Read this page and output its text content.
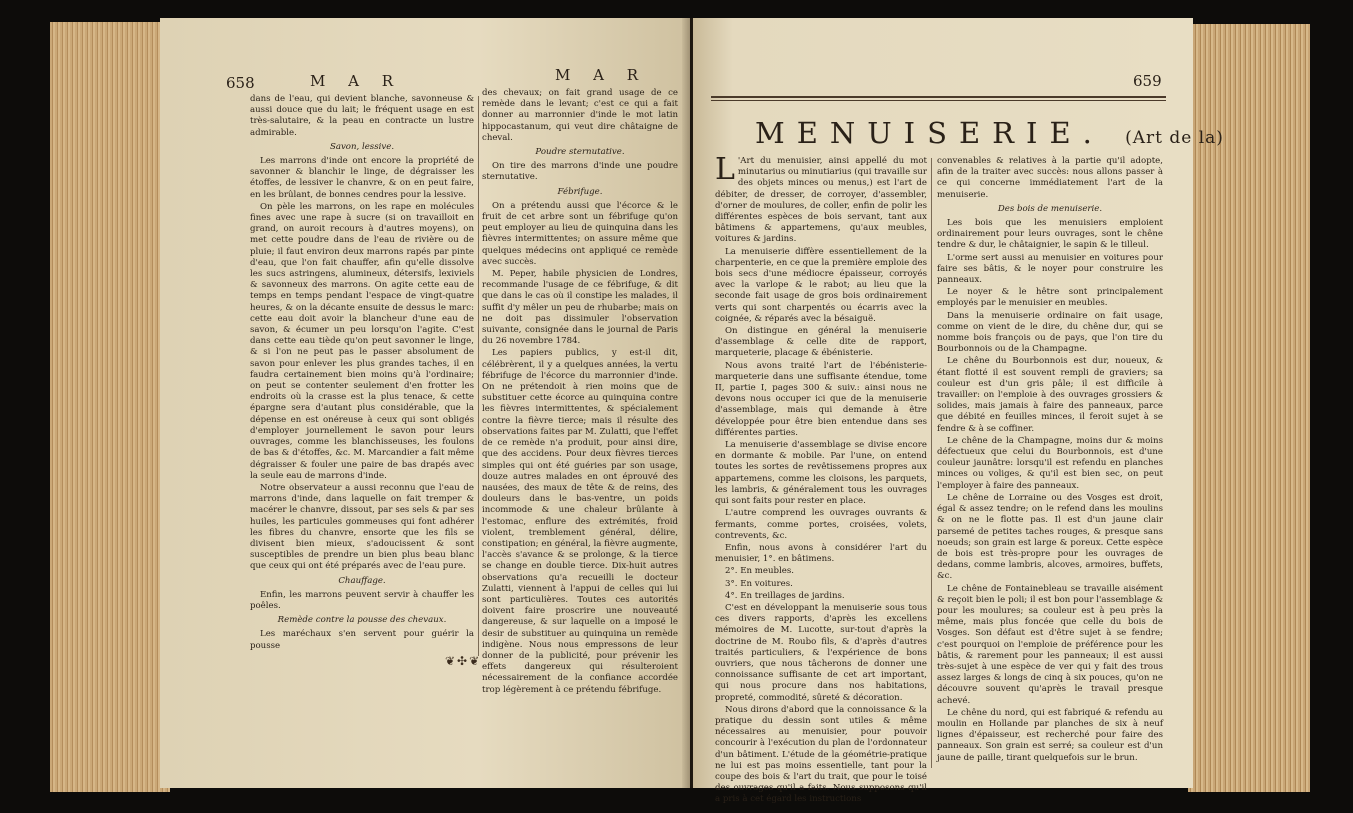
658	M A R	M A R

dans de l'eau, qui devient blanche, savonneuse & aussi douce que du lait; le fréquent usage en est très-salutaire, & la peau en contracte un lustre admirable.

Savon, lessive.

Les marrons d'inde ont encore la propriété de savonner & blanchir le linge, de dégraisser les étoffes, de lessiver le chanvre, & on en peut faire, en les brûlant, de bonnes cendres pour la lessive.

On pèle les marrons, on les rape en molécules fines avec une rape à sucre (si on travailloit en grand, on auroit recours à d'autres moyens), on met cette poudre dans de l'eau de rivière ou de pluie; il faut environ deux marrons rapés par pinte d'eau, que l'on fait chauffer, afin qu'elle dissolve les sucs astringens, alumineux, détersifs, lexiviels & savonneux des marrons. On agite cette eau de temps en temps pendant l'espace de vingt-quatre heures, & on la décante ensuite de dessus le marc: cette eau doit avoir la blancheur d'une eau de savon, & écumer un peu lorsqu'on l'agite. C'est dans cette eau tiède qu'on peut savonner le linge, & si l'on ne peut pas le passer absolument de savon pour enlever les plus grandes taches, il en faudra certainement bien moins qu'à l'ordinaire; on peut se contenter seulement d'en frotter les endroits où la crasse est la plus tenace, & cette épargne sera d'autant plus considérable, que la dépense en est onéreuse à ceux qui sont obligés d'employer journellement le savon pour leurs ouvrages, comme les blanchisseuses, les foulons de bas & d'étoffes, &c. M. Marcandier a fait même dégraisser & fouler une paire de bas drapés avec la seule eau de marrons d'inde.

Notre observateur a aussi reconnu que l'eau de marrons d'inde, dans laquelle on fait tremper & macérer le chanvre, dissout, par ses sels & par ses huiles, les particules gommeuses qui font adhérer les fibres du chanvre, ensorte que les fils se divisent bien mieux, s'adoucissent & sont susceptibles de prendre un bien plus beau blanc que ceux qui ont été préparés avec de l'eau pure.

Chauffage.

Enfin, les marrons peuvent servir à chauffer les poêles.

Remède contre la pousse des chevaux.

Les maréchaux s'en servent pour guérir la pousse

des chevaux; on fait grand usage de ce remède dans le levant; c'est ce qui a fait donner au marronnier d'inde le mot latin hippocastanum, qui veut dire châtaigne de cheval.

Poudre sternutative.

On tire des marrons d'inde une poudre sternutative.

Fébrifuge.

On a prétendu aussi que l'écorce & le fruit de cet arbre sont un fébrifuge qu'on peut employer au lieu de quinquina dans les fièvres intermittentes; on assure même que quelques médecins ont appliqué ce remède avec succès.

M. Peper, habile physicien de Londres, recommande l'usage de ce fébrifuge, & dit que dans le cas où il constipe les malades, il suffit d'y mêler un peu de rhubarbe; mais on ne doit pas dissimuler l'observation suivante, consignée dans le journal de Paris du 26 novembre 1784.

Les papiers publics, y est-il dit, célébrèrent, il y a quelques années, la vertu fébrifuge de l'écorce du marronnier d'inde. On ne prétendoit à rien moins que de substituer cette écorce au quinquina contre les fièvres intermittentes, & spécialement contre la fièvre tierce; mais il résulte des observations faites par M. Zulatti, que l'effet de ce remède n'a produit, pour ainsi dire, que des accidens. Pour deux fièvres tierces simples qui ont été guéries par son usage, douze autres malades en ont éprouvé des nausées, des maux de tête & de reins, des douleurs dans le bas-ventre, un poids incommode & une chaleur brûlante à l'estomac, enflure des extrémités, froid violent, tremblement général, délire, constipation; en général, la fièvre augmente, l'accès s'avance & se prolonge, & la tierce se change en double tierce. Dix-huit autres observations qu'a recueilli le docteur Zulatti, viennent à l'appui de celles qui lui sont particulières. Toutes ces autorités doivent faire proscrire une nouveauté dangereuse, & sur laquelle on a imposé le desir de substituer au quinquina un remède indigène. Nous nous empressons de leur donner de la publicité, pour prévenir les effets dangereux qui résulteroient nécessairement de la confiance accordée trop légèrement à ce prétendu fébrifuge.

❦✣❦
659
MENUISERIE. (Art de la)

L 'Art du menuisier, ainsi appellé du mot minutarius ou minutiarius (qui travaille sur des objets minces ou menus,) est l'art de débiter, de dresser, de corroyer, d'assembler, d'orner de moulures, de coller, enfin de polir les différentes espèces de bois servant, tant aux bâtimens & appartemens, qu'aux meubles, voitures & jardins.

La menuiserie diffère essentiellement de la charpenterie, en ce que la première emploie des bois secs d'une médiocre épaisseur, corroyés avec la varlope & le rabot; au lieu que la seconde fait usage de gros bois ordinairement verts qui sont charpentés ou écarris avec la coignée, & réparés avec la bésaiguë.

On distingue en général la menuiserie d'assemblage & celle dite de rapport, marqueterie, placage & ébénisterie.

Nous avons traité l'art de l'ébénisterie-marqueterie dans une suffisante étendue, tome II, partie I, pages 300 & suiv.: ainsi nous ne devons nous occuper ici que de la menuiserie d'assemblage, mais qui demande à être développée pour être bien entendue dans ses différentes parties.

La menuiserie d'assemblage se divise encore en dormante & mobile. Par l'une, on entend toutes les sortes de revêtissemens propres aux appartemens, comme les cloisons, les parquets, les lambris, & généralement tous les ouvrages qui sont faits pour rester en place.

L'autre comprend les ouvrages ouvrants & fermants, comme portes, croisées, volets, contrevents, &c.

Enfin, nous avons à considérer l'art du menuisier, 1°. en bâtimens.

2°. En meubles.

3°. En voitures.

4°. En treillages de jardins.

C'est en développant la menuiserie sous tous ces divers rapports, d'après les excellens mémoires de M. Lucotte, sur-tout d'après la doctrine de M. Roubo fils, & d'après d'autres traités particuliers, & l'expérience de bons ouvriers, que nous tâcherons de donner une connoissance suffisante de cet art important, qui nous procure dans nos habitations, propreté, commodité, sûreté & décoration.

Nous dirons d'abord que la connoissance & la pratique du dessin sont utiles & même nécessaires au menuisier, pour pouvoir concourir à l'exécution du plan de l'ordonnateur d'un bâtiment. L'étude de la géométrie-pratique ne lui est pas moins essentielle, tant pour la coupe des bois & l'art du trait, que pour le toisé des ouvrages qu'il a faits. Nous supposons qu'il a pris à cet égard les instructions

convenables & relatives à la partie qu'il adopte, afin de la traiter avec succès: nous allons passer à ce qui concerne immédiatement l'art de la menuiserie.

Des bois de menuiserie.

Les bois que les menuisiers emploient ordinairement pour leurs ouvrages, sont le chêne tendre & dur, le châtaignier, le sapin & le tilleul.

L'orme sert aussi au menuisier en voitures pour faire ses bâtis, & le noyer pour construire les panneaux.

Le noyer & le hêtre sont principalement employés par le menuisier en meubles.

Dans la menuiserie ordinaire on fait usage, comme on vient de le dire, du chêne dur, qui se nomme bois françois ou de pays, que l'on tire du Bourbonnois ou de la Champagne.

Le chêne du Bourbonnois est dur, noueux, & étant flotté il est souvent rempli de graviers; sa couleur est d'un gris pâle; il est difficile à travailler: on l'emploie à des ouvrages grossiers & solides, mais jamais à faire des panneaux, parce que débité en feuilles minces, il feroit sujet à se fendre & à se coffiner.

Le chêne de la Champagne, moins dur & moins défectueux que celui du Bourbonnois, est d'une couleur jaunâtre: lorsqu'il est refendu en planches minces ou voliges, & qu'il est bien sec, on peut l'employer à faire des panneaux.

Le chêne de Lorraine ou des Vosges est droit, égal & assez tendre; on le refend dans les moulins & on ne le flotte pas. Il est d'un jaune clair parsemé de petites taches rouges, & presque sans noeuds; son grain est large & poreux. Cette espèce de bois est très-propre pour les ouvrages de dedans, comme lambris, alcoves, armoires, buffets, &c.

Le chêne de Fontainebleau se travaille aisément & reçoit bien le poli; il est bon pour l'assemblage & pour les moulures; sa couleur est à peu près la même, mais plus foncée que celle du bois de Vosges. Son défaut est d'être sujet à se fendre; c'est pourquoi on l'emploie de préférence pour les bâtis, & rarement pour les panneaux; il est aussi très-sujet à une espèce de ver qui y fait des trous assez larges & longs de cinq à six pouces, qu'on ne découvre souvent qu'après le travail presque achevé.

Le chêne du nord, qui est fabriqué & refendu au moulin en Hollande par planches de six à neuf lignes d'épaisseur, est recherché pour faire des panneaux. Son grain est serré; sa couleur est d'un jaune de paille, tirant quelquefois sur le brun.
